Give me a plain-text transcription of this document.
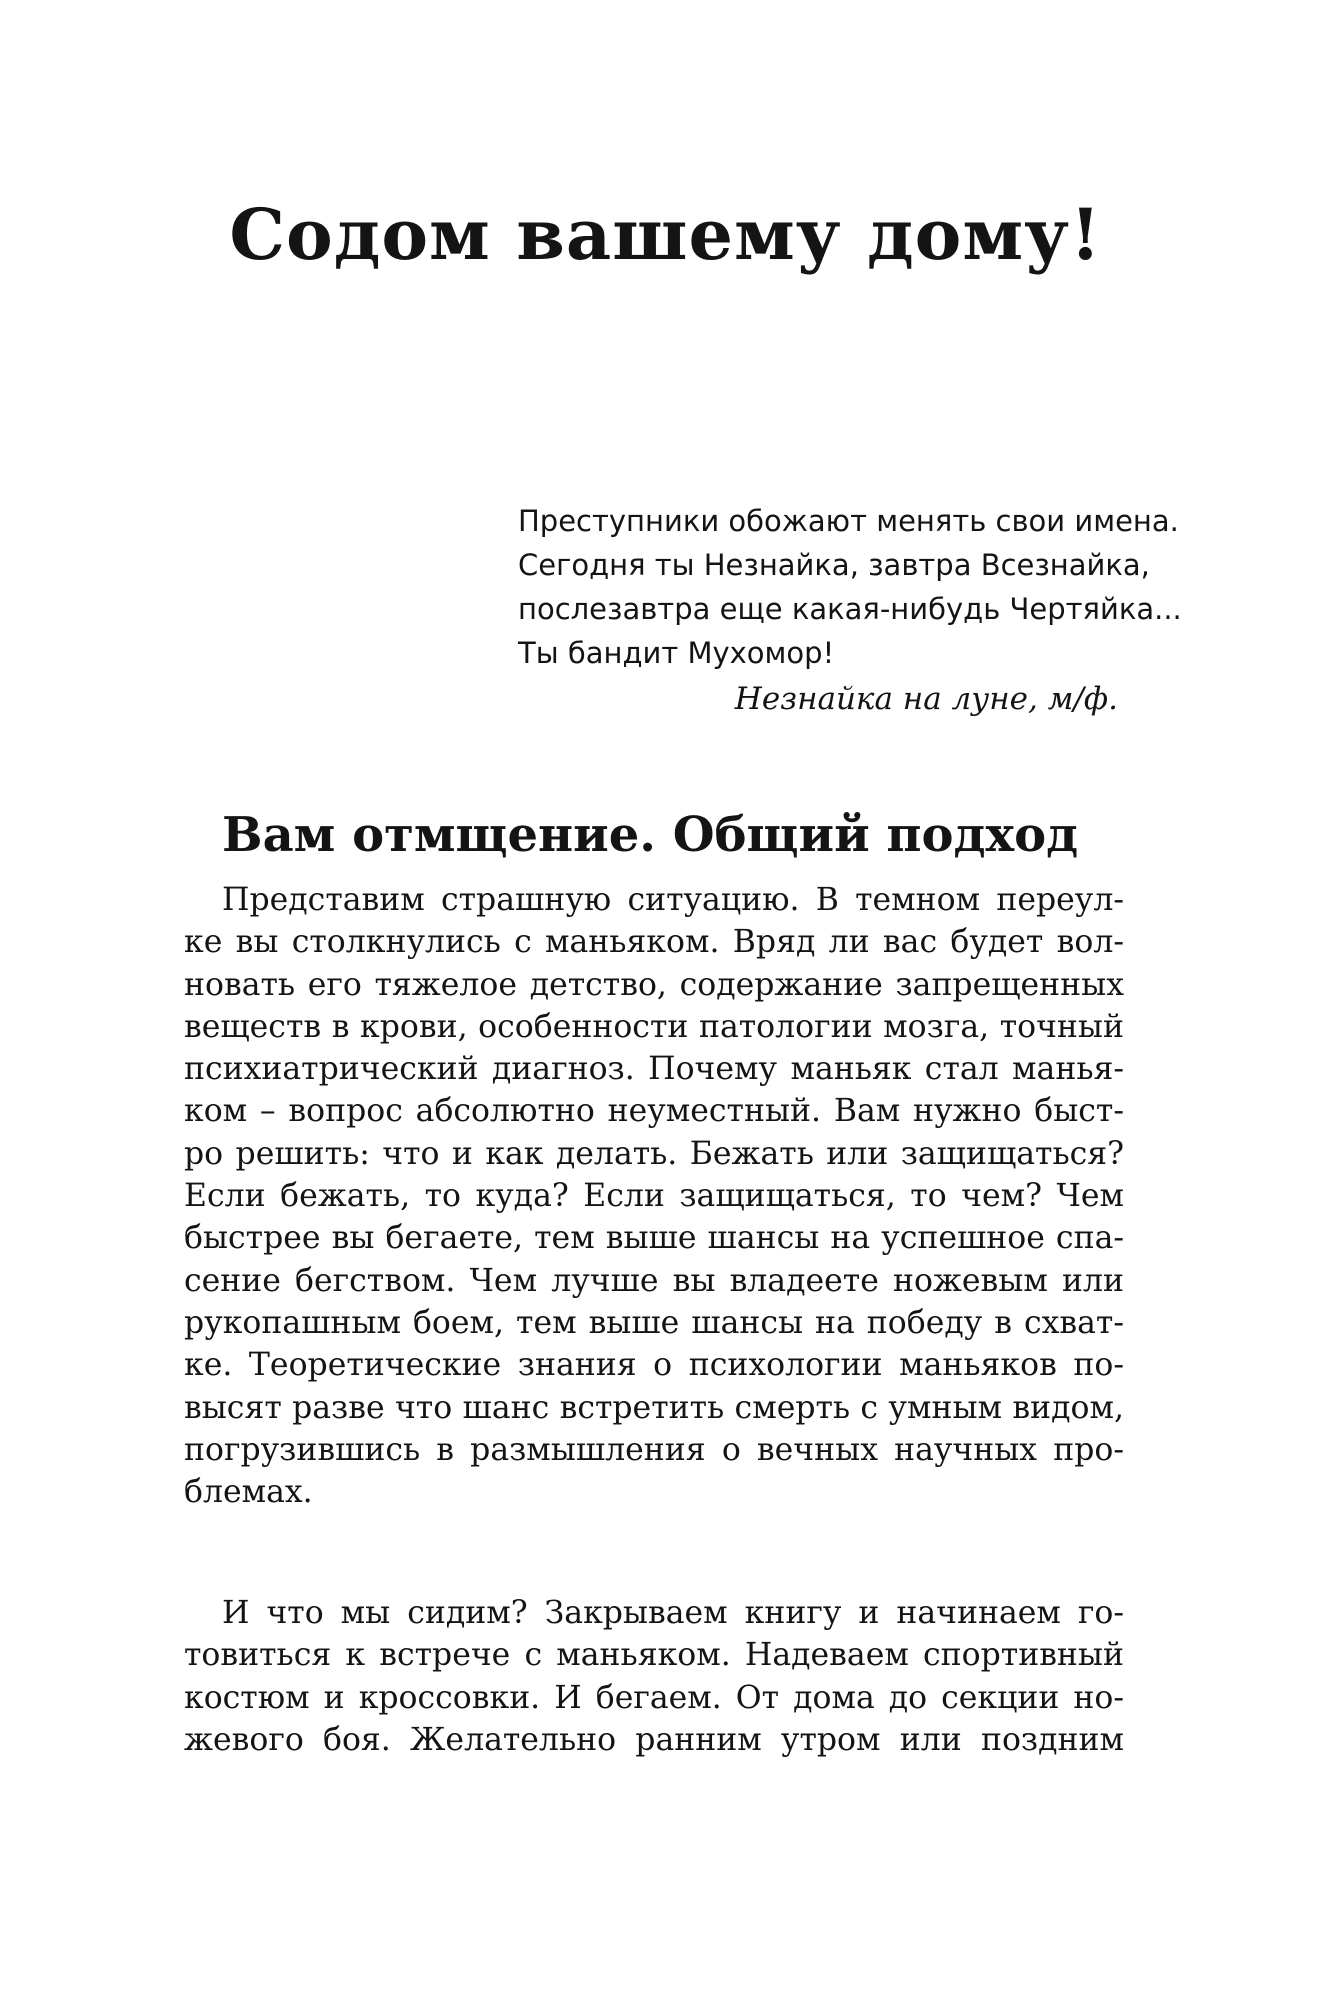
Содом вашему дому!
Преступники обожают менять свои имена.
Сегодня ты Незнайка, завтра Всезнайка,
послезавтра еще какая-нибудь Чертяйка...
Ты бандит Мухомор!

Незнайка на луне, м/ф.

Вам отмщение. Общий подход
Представим страшную ситуацию. В темном переул-
ке вы столкнулись с маньяком. Вряд ли вас будет вол-
новать его тяжелое детство, содержание запрещенных
веществ в крови, особенности патологии мозга, точный
психиатрический диагноз. Почему маньяк стал манья-
ком – вопрос абсолютно неуместный. Вам нужно быст-
ро решить: что и как делать. Бежать или защищаться?
Если бежать, то куда? Если защищаться, то чем? Чем
быстрее вы бегаете, тем выше шансы на успешное спа-
сение бегством. Чем лучше вы владеете ножевым или
рукопашным боем, тем выше шансы на победу в схват-
ке. Теоретические знания о психологии маньяков по-
высят разве что шанс встретить смерть с умным видом,
погрузившись в размышления о вечных научных про-
блемах.
И что мы сидим? Закрываем книгу и начинаем го-
товиться к встрече с маньяком. Надеваем спортивный
костюм и кроссовки. И бегаем. От дома до секции но-
жевого боя. Желательно ранним утром или поздним
